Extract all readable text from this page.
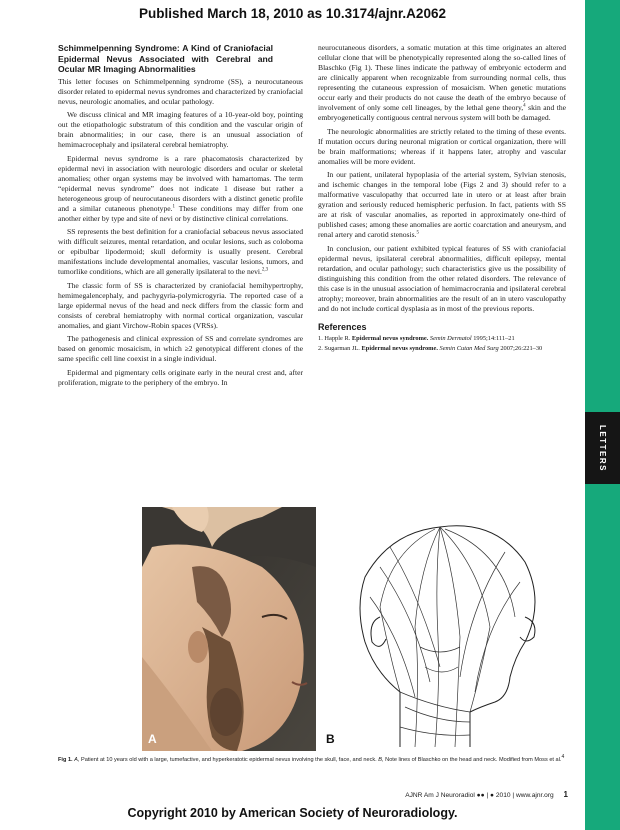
Published March 18, 2010 as 10.3174/ajnr.A2062
LETTERS
Schimmelpenning Syndrome: A Kind of Craniofacial Epidermal Nevus Associated with Cerebral and Ocular MR Imaging Abnormalities

This letter focuses on Schimmelpenning syndrome (SS), a neurocutaneous disorder related to epidermal nevus syndromes and characterized by craniofacial nevus, neurologic anomalies, and ocular pathology.

We discuss clinical and MR imaging features of a 10-year-old boy, pointing out the etiopathologic substratum of this condition and the vascular origin of brain abnormalities; in our case, there is an unusual association of hemimacrocephaly and ipsilateral cerebral hemiatrophy.

Epidermal nevus syndrome is a rare phacomatosis characterized by epidermal nevi in association with neurologic disorders and ocular or skeletal anomalies; other organ systems may be involved with hamartomas. The term “epidermal nevus syndrome” does not indicate 1 disease but rather a heterogeneous group of neurocutaneous disorders with a distinct genetic profile and a similar cutaneous phenotype.$^1$ These conditions may differ from one another either by type and site of nevi or by distinctive clinical correlations.

SS represents the best definition for a craniofacial sebaceus nevus associated with difficult seizures, mental retardation, and ocular lesions, such as coloboma or epibulbar lipodermoid; skull deformity is usually present. Cerebral manifestations include developmental anomalies, vascular lesions, tumors, and tumorlike conditions, which are all generally ipsilateral to the nevi.$^{2,3}$

The classic form of SS is characterized by craniofacial hemihypertrophy, hemimegalencephaly, and pachygyria-polymicrogyria. The reported case of a large epidermal nevus of the head and neck differs from the classic form and consists of cerebral hemiatrophy with normal cortical organization, vascular anomalies, and giant Virchow-Robin spaces (VRSs).

The pathogenesis and clinical expression of SS and correlate syndromes are based on genomic mosaicism, in which ≥2 genotypical different clones of the same specific cell line coexist in a single individual.

Epidermal and pigmentary cells originate early in the neural crest and, after proliferation, migrate to the periphery of the embryo. In

neurocutaneous disorders, a somatic mutation at this time originates an altered cellular clone that will be phenotypically represented along the so-called lines of Blaschko (Fig 1). These lines indicate the pathway of embryonic ectoderm and are clinically apparent when recognizable from surrounding normal cells, thus representing the cutaneous expression of mosaicism. When genetic mutations occur early and their products do not cause the death of the embryo because of involvement of only some cell lineages, by the lethal gene theory,$^4$ skin and the embryogenetically contiguous central nervous system will both be damaged.

The neurologic abnormalities are strictly related to the timing of these events. If mutation occurs during neuronal migration or cortical organization, there will be brain malformations; whereas if it happens later, atrophy and vascular anomalies will be more evident.

In our patient, unilateral hypoplasia of the arterial system, Sylvian stenosis, and ischemic changes in the temporal lobe (Figs 2 and 3) should refer to a malformative vasculopathy that occurred late in utero or at least after brain gyration and seriously reduced hemispheric perfusion. In fact, patients with SS are at risk of vascular anomalies, as reported in approximately one-third of published cases; among these anomalies are aortic coarctation and aneurysm, and renal artery and carotid stenosis.$^5$

In conclusion, our patient exhibited typical features of SS with craniofacial epidermal nevus, ipsilateral cerebral abnormalities, difficult epilepsy, mental retardation, and ocular pathology; such characteristics give us the possibility of distinguishing this condition from the other related disorders. The relevance of this case is in the unusual association of hemimacrocrania and ipsilateral cerebral atrophy; moreover, brain abnormalities are the result of an in utero vasculopathy and do not include cortical dysplasia as in most of the previous reports.

References
1. Happle R. Epidermal nevus syndrome. Semin Dermatol 1995;14:111–21
2. Sugarman JL. Epidermal nevus syndrome. Semin Cutan Med Surg 2007;26:221–30
A	B
Fig 1. A, Patient at 10 years old with a large, tumefactive, and hyperkeratotic epidermal nevus involving the skull, face, and neck. B, Note lines of Blaschko on the head and neck. Modified from Moss et al.$^4$
AJNR Am J Neuroradiol ●● | ● 2010 | www.ajnr.org 1
Copyright 2010 by American Society of Neuroradiology.
